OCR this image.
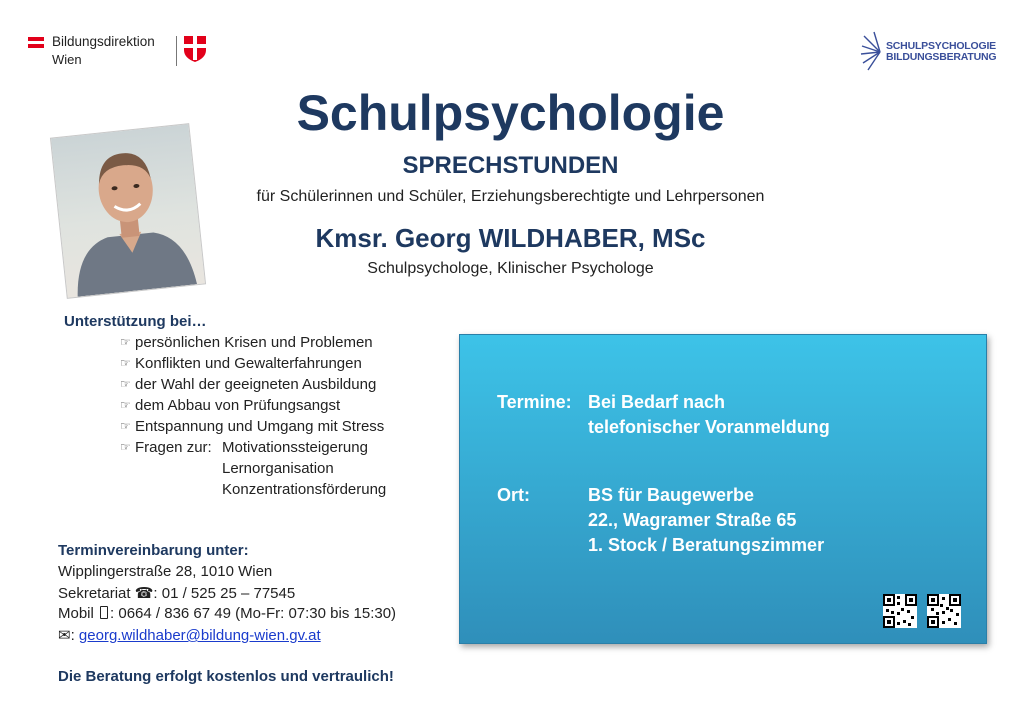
Bildungsdirektion
Wien
SCHULPSYCHOLOGIE
BILDUNGSBERATUNG
Schulpsychologie
SPRECHSTUNDEN
für Schülerinnen und Schüler, Erziehungsberechtigte und Lehrpersonen
Kmsr. Georg WILDHABER, MSc
Schulpsychologe, Klinischer Psychologe
Unterstützung bei…
☞ persönlichen Krisen und Problemen
☞ Konflikten und Gewalterfahrungen
☞ der Wahl der geeigneten Ausbildung
☞ dem Abbau von Prüfungsangst
☞ Entspannung und Umgang mit Stress
☞ Fragen zur: Motivationssteigerung
Lernorganisation
Konzentrationsförderung
Terminvereinbarung unter:
Wipplingerstraße 28, 1010 Wien
Sekretariat ☎: 01 / 525 25 – 77545
Mobil : 0664 / 836 67 49 (Mo-Fr: 07:30 bis 15:30)
✉: georg.wildhaber@bildung-wien.gv.at
Die Beratung erfolgt kostenlos und vertraulich!
Termine: Bei Bedarf nach
telefonischer Voranmeldung
Ort:	BS für Baugewerbe
22., Wagramer Straße 65
1. Stock / Beratungszimmer
